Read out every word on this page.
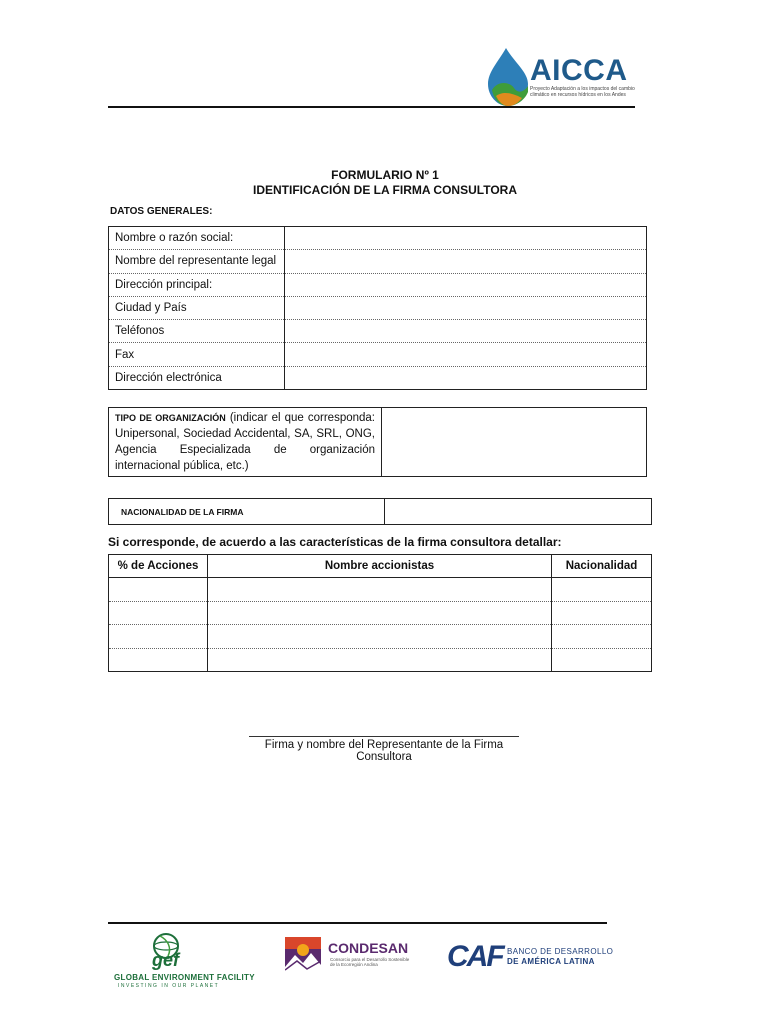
AICCA
Proyecto Adaptación a los impactos del cambio climático en recursos hídricos en los Andes
FORMULARIO Nº 1
IDENTIFICACIÓN DE LA FIRMA CONSULTORA
DATOS GENERALES:
Nombre o razón social:	
Nombre del representante legal	
Dirección principal:	
Ciudad y País	
Teléfonos	
Fax	
Dirección electrónica	
TIPO DE ORGANIZACIÓN (indicar el que corresponda: Unipersonal, Sociedad Accidental, SA, SRL, ONG, Agencia Especializada de organización internacional pública, etc.)	
NACIONALIDAD DE LA FIRMA	
Si corresponde, de acuerdo a las características de la firma consultora detallar:
% de Acciones	Nombre accionistas	Nacionalidad

Firma y nombre del Representante de la Firma Consultora
gef
GLOBAL ENVIRONMENT FACILITY
INVESTING IN OUR PLANET
CONDESAN
Consorcio para el Desarrollo Sostenible de la Ecorregión Andina	CAF BANCO DE DESARROLLO
DE AMÉRICA LATINA
